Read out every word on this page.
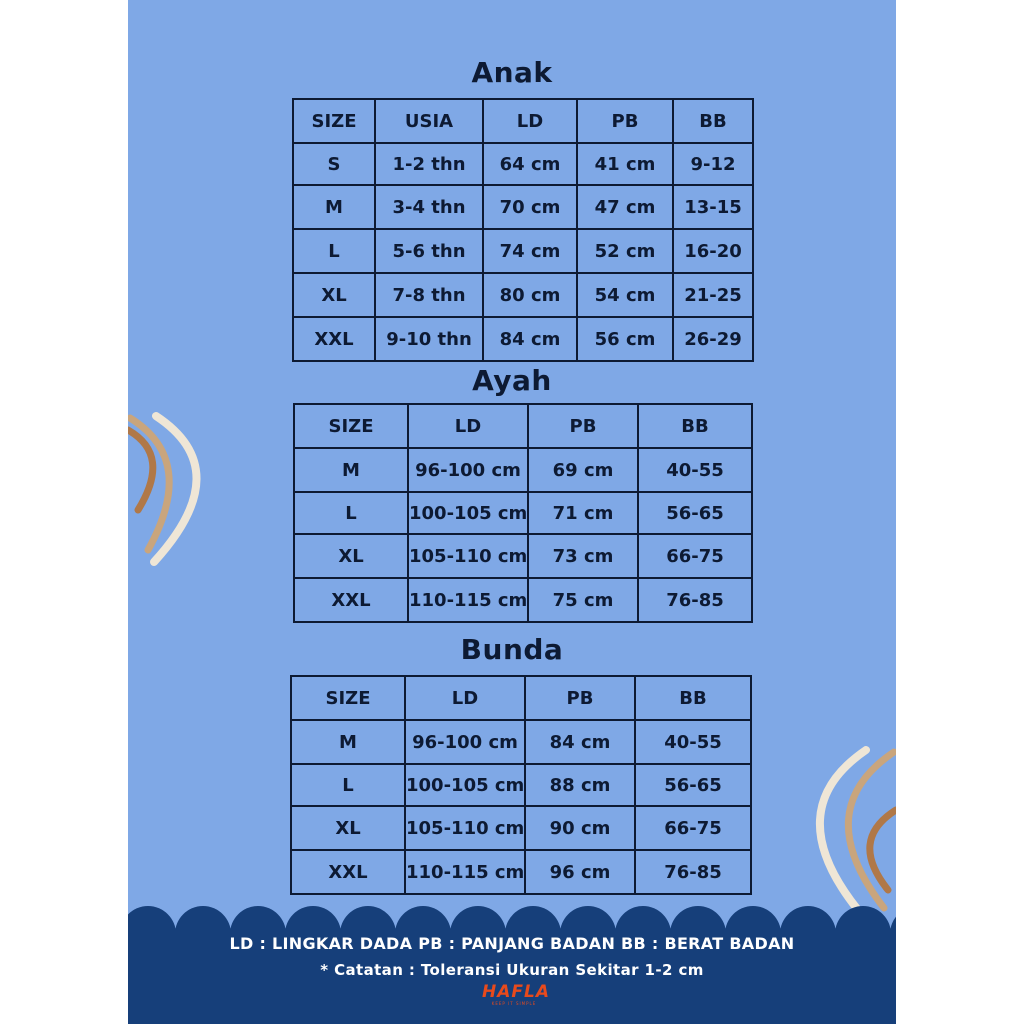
Anak
SIZE	USIA	LD	PB	BB
S	1-2 thn	64 cm	41 cm	9-12
M	3-4 thn	70 cm	47 cm	13-15
L	5-6 thn	74 cm	52 cm	16-20
XL	7-8 thn	80 cm	54 cm	21-25
XXL	9-10 thn	84 cm	56 cm	26-29
Ayah
SIZE	LD	PB	BB
M	96-100 cm	69 cm	40-55
L	100-105 cm	71 cm	56-65
XL	105-110 cm	73 cm	66-75
XXL	110-115 cm	75 cm	76-85
Bunda
SIZE	LD	PB	BB
M	96-100 cm	84 cm	40-55
L	100-105 cm	88 cm	56-65
XL	105-110 cm	90 cm	66-75
XXL	110-115 cm	96 cm	76-85
LD : LINGKAR DADA PB : PANJANG BADAN BB : BERAT BADAN
* Catatan : Toleransi Ukuran Sekitar 1-2 cm
HAFLA
KEEP IT SIMPLE
